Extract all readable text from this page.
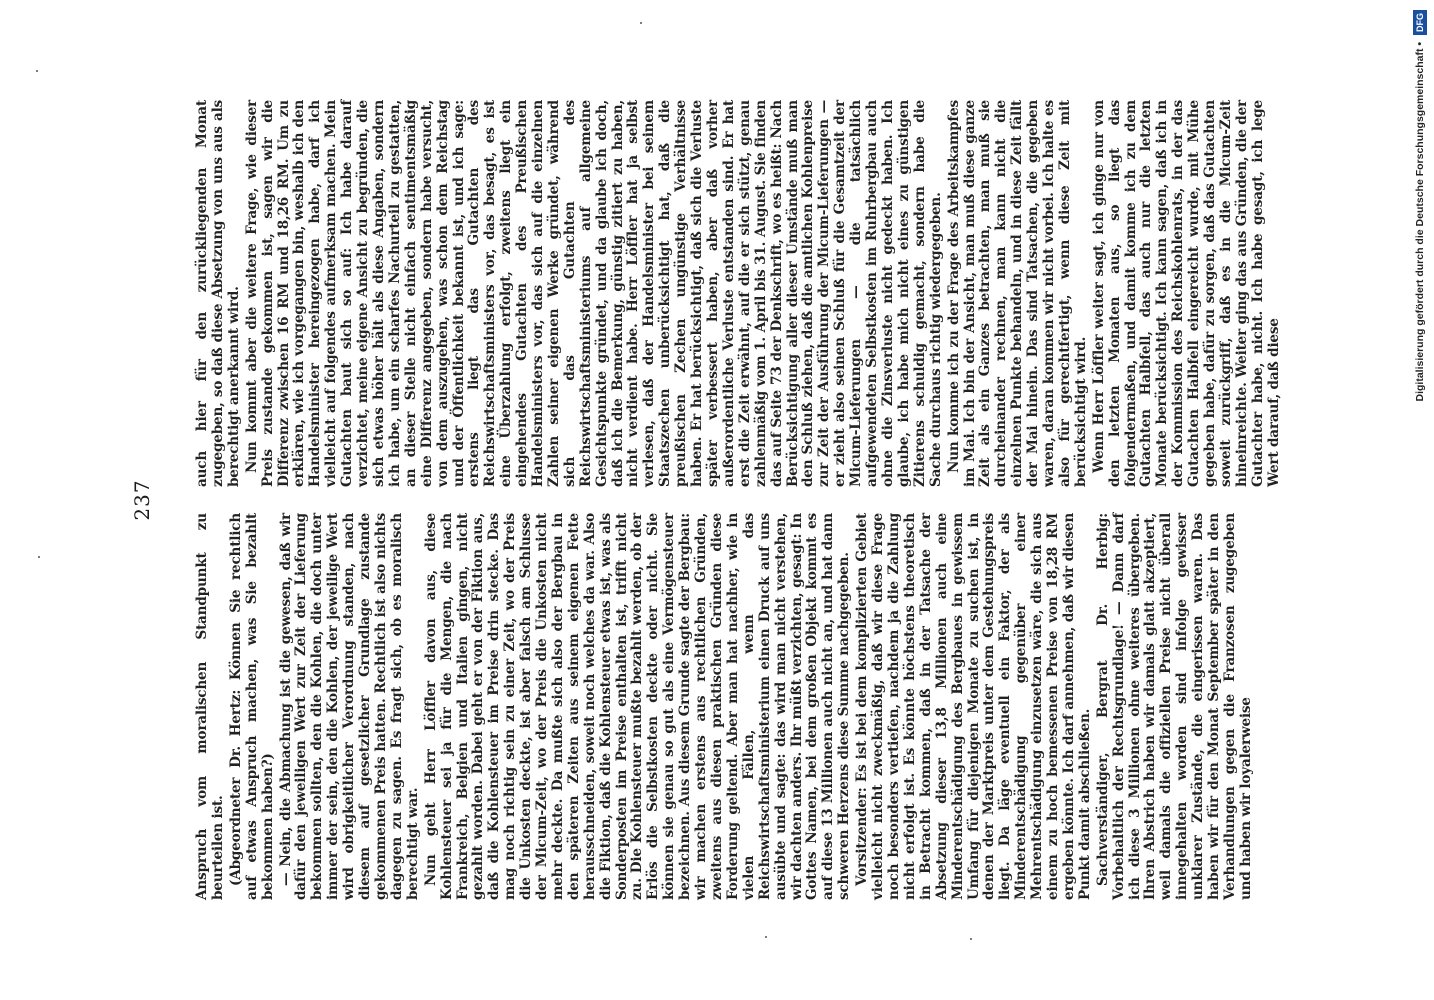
237

Anspruch vom moralischen Standpunkt zu beurteilen ist. (Abgeordneter Dr. Hertz: Können Sie rechtlich auf etwas Anspruch machen, was Sie bezahlt bekommen haben?) — Nein, die Abmachung ist die gewesen, daß wir dafür den jeweiligen Wert zur Zeit der Lieferung bekommen sollten, den die Kohlen, die doch unter immer der sein, den die Kohlen, der jeweilige Wert wird obrigkeitlicher Verordnung standen, nach diesem auf gesetzlicher Grundlage zustande gekommenen Preis hatten. Rechtlich ist also nichts dagegen zu sagen. Es fragt sich, ob es moralisch berechtigt war. Nun geht Herr Löffler davon aus, diese Kohlensteuer sei ja für die Mengen, die nach Frankreich, Belgien und Italien gingen, nicht gezahlt worden. Dabei geht er von der Fiktion aus, daß die Kohlensteuer im Preise drin stecke. Das mag noch richtig sein zu einer Zeit, wo der Preis die Unkosten deckte, ist aber falsch am Schlusse der Micum-Zeit, wo der Preis die Unkosten nicht mehr deckte. Da mußte sich also der Bergbau in den späteren Zeiten aus seinem eigenen Fette herausschneiden, soweit noch welches da war. Also die Fiktion, daß die Kohlensteuer etwas ist, was als Sonderposten im Preise enthalten ist, trifft nicht zu. Die Kohlensteuer mußte bezahlt werden, ob der Erlös die Selbstkosten deckte oder nicht. Sie können sie genau so gut als eine Vermögensteuer bezeichnen. Aus diesem Grunde sagte der Bergbau: wir machen erstens aus rechtlichen Gründen, zweitens aus diesen praktischen Gründen diese Forderung geltend. Aber man hat nachher, wie in vielen Fällen, wenn das Reichswirtschaftsministerium einen Druck auf uns ausübte und sagte: das wird man nicht verstehen, wir dachten anders. Ihr müßt verzichten, gesagt: In Gottes Namen, bei dem großen Objekt kommt es auf diese 13 Millionen auch nicht an, und hat dann schweren Herzens diese Summe nachgegeben. Vorsitzender: Es ist bei dem komplizierten Gebiet vielleicht nicht zweckmäßig, daß wir diese Frage noch besonders vertiefen, nachdem ja die Zahlung nicht erfolgt ist. Es könnte höchstens theoretisch in Betracht kommen, daß in der Tatsache der Absetzung dieser 13,8 Millionen auch eine Minderentschädigung des Bergbaues in gewissem Umfang für diejenigen Monate zu suchen ist, in denen der Marktpreis unter dem Gestehungspreis liegt. Da läge eventuell ein Faktor, der als Minderentschädigung gegenüber einer Mehrentschädigung einzusetzen wäre, die sich aus einem zu hoch bemessenen Preise von 18,28 RM ergeben könnte. Ich darf annehmen, daß wir diesen Punkt damit abschließen. Sachverständiger, Bergrat Dr. Herbig: Vorbehaltlich der Rechtsgrundlage! — Dann darf ich diese 3 Millionen ohne weiteres übergeben. Ihren Abstrich haben wir damals glatt akzeptiert, weil damals die offiziellen Preise nicht überall innegehalten worden sind infolge gewisser unklarer Zustände, die eingerissen waren. Das haben wir für den Monat September später in den Verhandlungen gegen die Franzosen zugegeben und haben wir loyalerweise

auch hier für den zurückliegenden Monat zugegeben, so daß diese Absetzung von uns aus als berechtigt anerkannt wird. Nun kommt aber die weitere Frage, wie dieser Preis zustande gekommen ist, sagen wir die Differenz zwischen 16 RM und 18,26 RM. Um zu erklären, wie ich vorgegangen bin, weshalb ich den Handelsminister hereingezogen habe, darf ich vielleicht auf folgendes aufmerksam machen. Mein Gutachten baut sich so auf: Ich habe darauf verzichtet, meine eigene Ansicht zu begründen, die sich etwas höher hält als diese Angaben, sondern ich habe, um ein scharfes Nachurteil zu gestatten, an dieser Stelle nicht einfach sentimentsmäßig eine Differenz angegeben, sondern habe versucht, von dem auszugehen, was schon dem Reichstag und der Öffentlichkeit bekannt ist, und ich sage: erstens liegt das Gutachten des Reichswirtschaftsministers vor, das besagt, es ist eine Überzahlung erfolgt, zweitens liegt ein eingehendes Gutachten des Preußischen Handelsministers vor, das sich auf die einzelnen Zahlen seiner eigenen Werke gründet, während sich das Gutachten des Reichswirtschaftsministeriums auf allgemeine Gesichtspunkte gründet, und da glaube ich doch, daß ich die Bemerkung, günstig zitiert zu haben, nicht verdient habe. Herr Löffler hat ja selbst verlesen, daß der Handelsminister bei seinem Staatszechen unberücksichtigt hat, daß die preußischen Zechen ungünstige Verhältnisse haben. Er hat berücksichtigt, daß sich die Verluste später verbessert haben, aber daß vorher außerordentliche Verluste entstanden sind. Er hat erst die Zeit erwähnt, auf die er sich stützt, genau zahlenmäßig vom 1. April bis 31. August. Sie finden das auf Seite 73 der Denkschrift, wo es heißt: Nach Berücksichtigung aller dieser Umstände muß man den Schluß ziehen, daß die amtlichen Kohlenpreise zur Zeit der Ausführung der Micum-Lieferungen — er zieht also seinen Schluß für die Gesamtzeit der Micum-Lieferungen — die tatsächlich aufgewendeten Selbstkosten im Ruhrbergbau auch ohne die Zinsverluste nicht gedeckt haben. Ich glaube, ich habe mich nicht eines zu günstigen Zitierens schuldig gemacht, sondern habe die Sache durchaus richtig wiedergegeben. Nun komme ich zu der Frage des Arbeitskampfes im Mai. Ich bin der Ansicht, man muß diese ganze Zeit als ein Ganzes betrachten, man muß sie durcheinander rechnen, man kann nicht die einzelnen Punkte behandeln, und in diese Zeit fällt der Mai hinein. Das sind Tatsachen, die gegeben waren, daran kommen wir nicht vorbei. Ich halte es also für gerechtfertigt, wenn diese Zeit mit berücksichtigt wird. Wenn Herr Löffler weiter sagt, ich ginge nur von den letzten Monaten aus, so liegt das folgendermaßen, und damit komme ich zu dem Gutachten Halbfell, das auch nur die letzten Monate berücksichtigt. Ich kann sagen, daß ich in der Kommission des Reichskohlenrats, in der das Gutachten Halbfell eingereicht wurde, mit Mühe gegeben habe, dafür zu sorgen, daß das Gutachten soweit zurückgriff, daß es in die Micum-Zeit hineinreichte. Weiter ging das aus Gründen, die der Gutachter habe, nicht. Ich habe gesagt, ich lege Wert darauf, daß diese

Digitalisierung gefördert durch die Deutsche Forschungsgemeinschaft • DFG
